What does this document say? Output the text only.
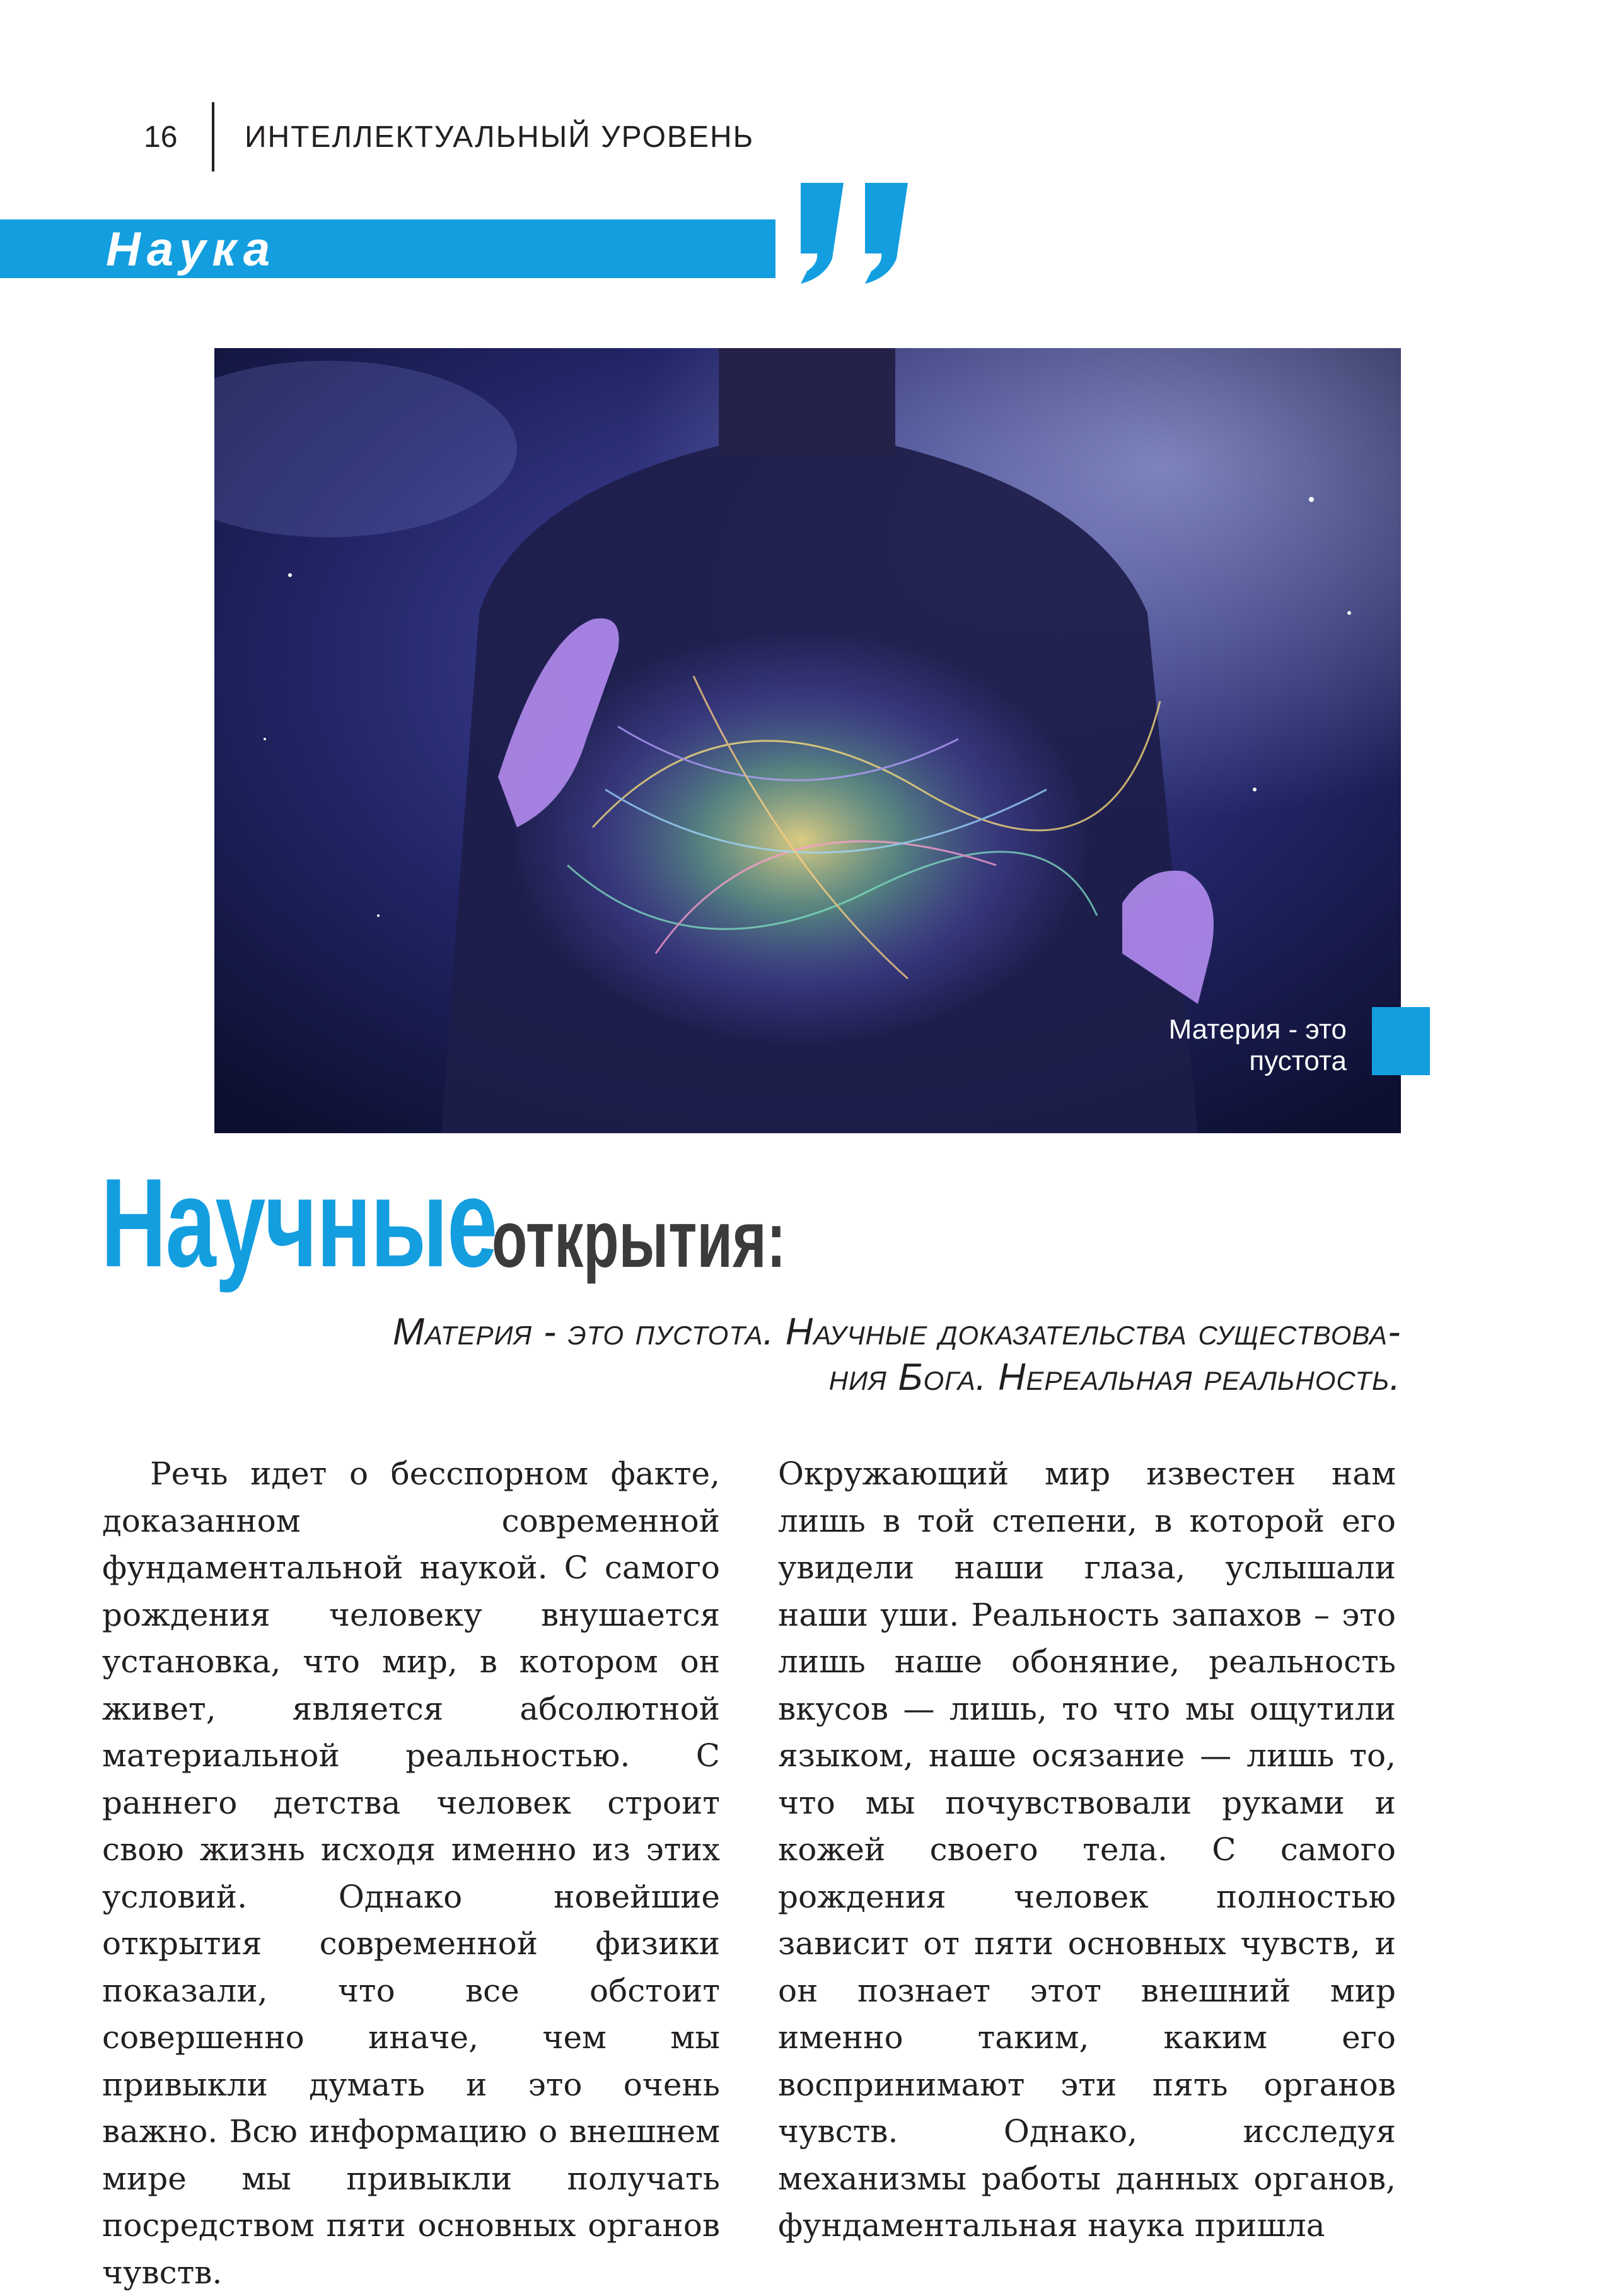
16	ИНТЕЛЛЕКТУАЛЬНЫЙ УРОВЕНЬ
Наука
Материя - это
пустота
Научные
открытия:
Материя - это пустота. Научные доказательства существова-
ния Бога. Нереальная реальность.
Речь идет о бесспорном факте, доказанном современной фундаментальной наукой. С самого рождения человеку внушается установка, что мир, в котором он живет, является абсолютной материальной реальностью. С раннего детства человек строит свою жизнь исходя именно из этих условий. Однако новейшие открытия современной физики показали, что все обстоит совершенно иначе, чем мы привыкли думать и это очень важно. Всю информацию о внешнем мире мы привыкли получать посредством пяти основных органов чувств.
Окружающий мир известен нам лишь в той степени, в которой его увидели наши глаза, услышали наши уши. Реальность запахов – это лишь наше обоняние, реальность вкусов — лишь, то что мы ощутили языком, наше осязание — лишь то, что мы почувствовали руками и кожей своего тела. С самого рождения человек полностью зависит от пяти основных чувств, и он познает этот внешний мир именно таким, каким его воспринимают эти пять органов чувств. Однако, исследуя механизмы работы данных органов, фундаментальная наука пришла
